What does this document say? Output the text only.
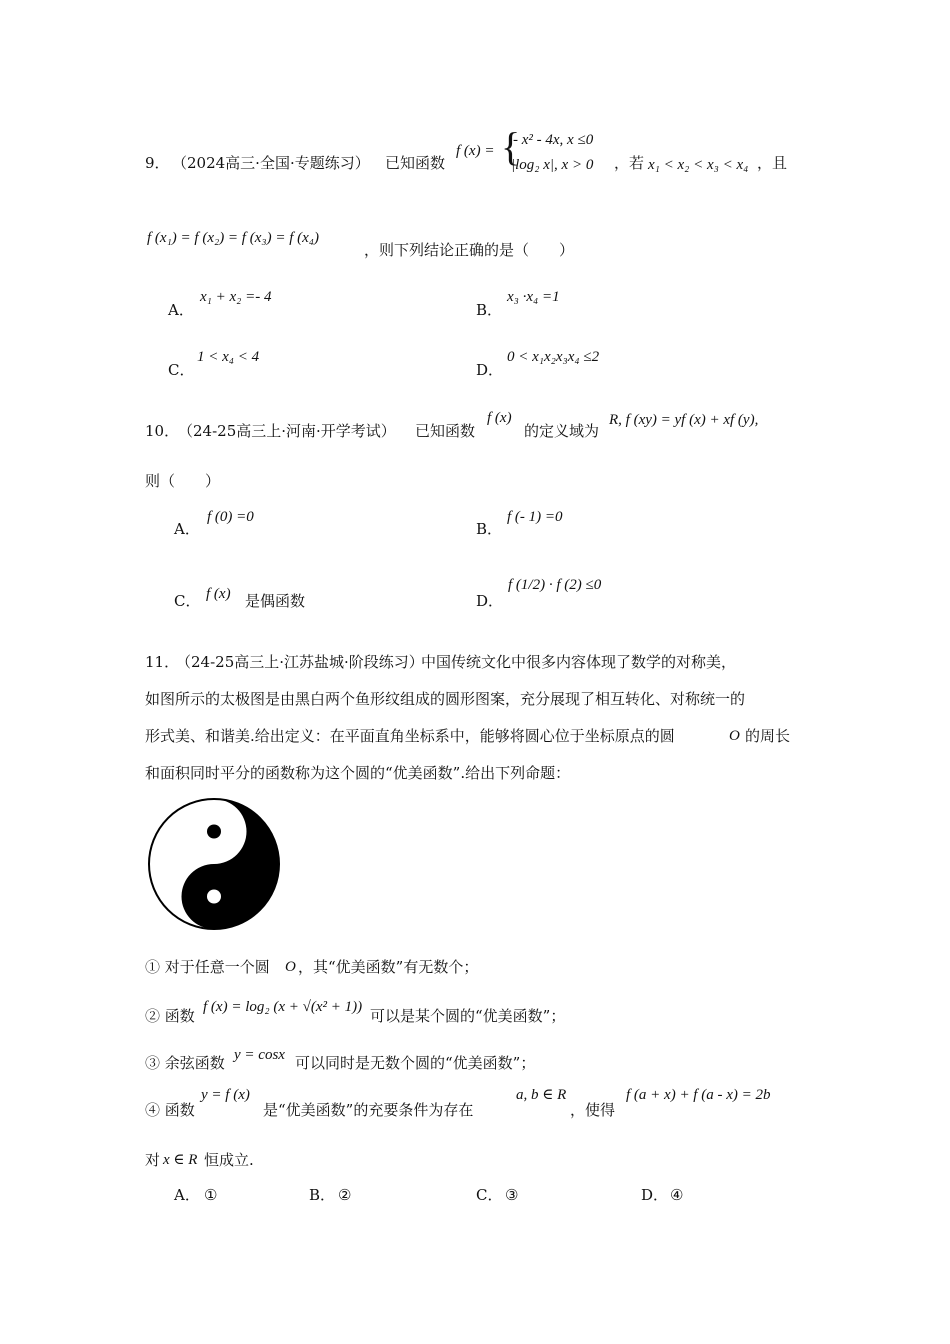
9． （2024高三·全国·专题练习） 已知函数
f (x) = {
- x² - 4x, x ≤0
|log₂ x|, x > 0 ，若 x₁ < x₂ < x₃ < x₄ ，且
f (x₁) = f (x₂) = f (x₃) = f (x₄)
，则下列结论正确的是（　　）
A．
x₁ + x₂ =- 4
B．
x₃ ·x₄ =1
C．
1 < x₄ < 4
D．
0 < x₁x₂x₃x₄ ≤2
10．
（24-25高三上·河南·开学考试） 已知函数
f (x)
的定义域为
R, f (xy) = yf (x) + xf (y),
则（　　）
A．
f (0) =0
B．
f (- 1) =0
C． f (x) 是偶函数	D．
f (1/2) · f (2) ≤0
11．
（24-25高三上·江苏盐城·阶段练习）
中国传统文化中很多内容体现了数学的对称美，
如图所示的太极图是由黑白两个鱼形纹组成的圆形图案，充分展现了相互转化、对称统一的
形式美、和谐美.给出定义：在平面直角坐标系中，能够将圆心位于坐标原点的圆	O 的周长
和面积同时平分的函数称为这个圆的“优美函数”.给出下列命题：
① 对于任意一个圆 O ，其“优美函数”有无数个；
② 函数 f (x) = log₂ (x + √(x² + 1)) 可以是某个圆的“优美函数”；
③ 余弦函数 y = cosx 可以同时是无数个圆的“优美函数”；
④ 函数
y = f (x)
是“优美函数”的充要条件为存在
a, b ∈ R
，使得
f (a + x) + f (a - x) = 2b
对 x ∈ R 恒成立.
A． ①	B． ②	C． ③	D． ④
